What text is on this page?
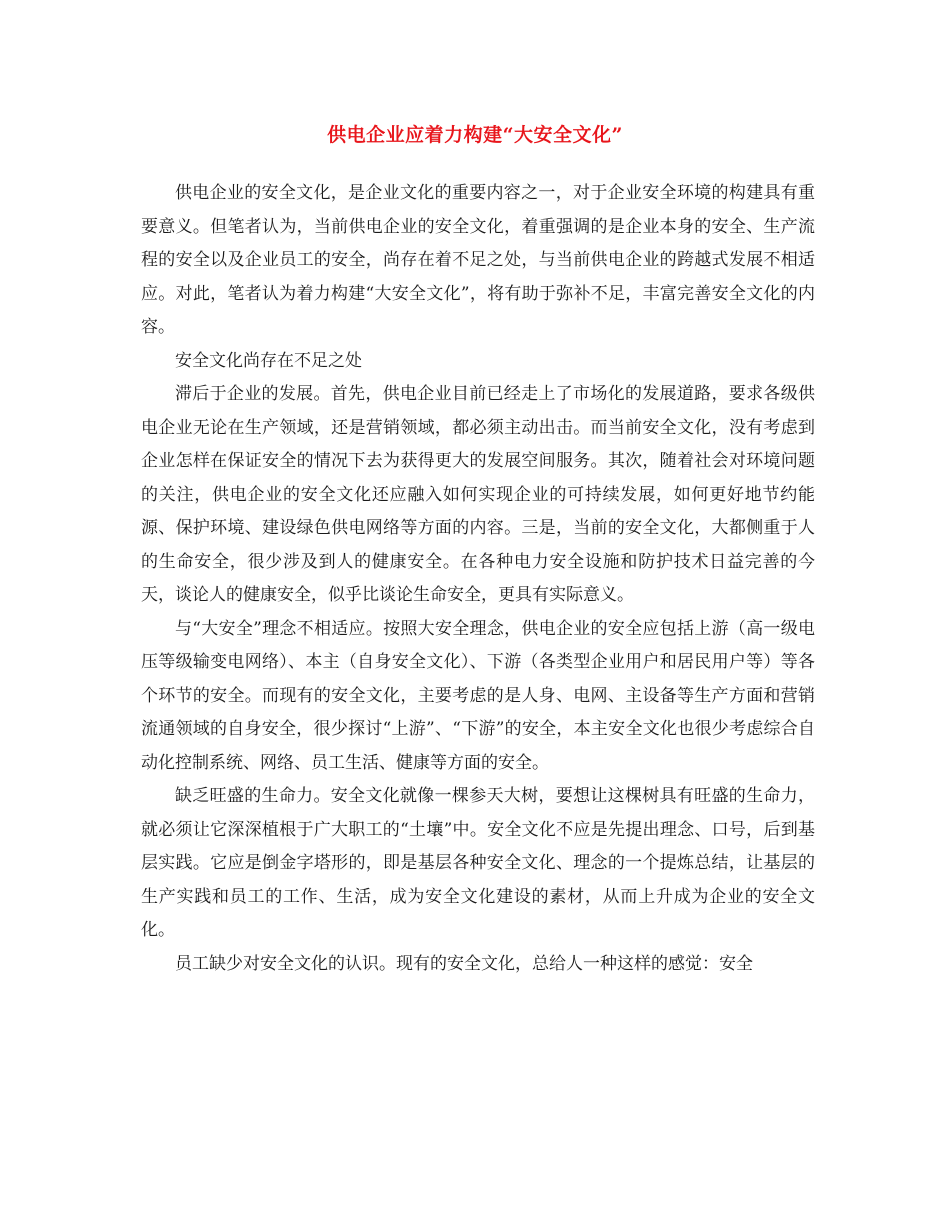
供电企业应着力构建“大安全文化”

供电企业的安全文化，是企业文化的重要内容之一，对于企业安全环境的构建具有重要意义。但笔者认为，当前供电企业的安全文化，着重强调的是企业本身的安全、生产流程的安全以及企业员工的安全，尚存在着不足之处，与当前供电企业的跨越式发展不相适应。对此，笔者认为着力构建“大安全文化”，将有助于弥补不足，丰富完善安全文化的内容。

安全文化尚存在不足之处

滞后于企业的发展。首先，供电企业目前已经走上了市场化的发展道路，要求各级供电企业无论在生产领域，还是营销领域，都必须主动出击。而当前安全文化，没有考虑到企业怎样在保证安全的情况下去为获得更大的发展空间服务。其次，随着社会对环境问题的关注，供电企业的安全文化还应融入如何实现企业的可持续发展，如何更好地节约能源、保护环境、建设绿色供电网络等方面的内容。三是，当前的安全文化，大都侧重于人的生命安全，很少涉及到人的健康安全。在各种电力安全设施和防护技术日益完善的今天，谈论人的健康安全，似乎比谈论生命安全，更具有实际意义。

与“大安全”理念不相适应。按照大安全理念，供电企业的安全应包括上游（高一级电压等级输变电网络）、本主（自身安全文化）、下游（各类型企业用户和居民用户等）等各个环节的安全。而现有的安全文化，主要考虑的是人身、电网、主设备等生产方面和营销流通领域的自身安全，很少探讨“上游”、“下游”的安全，本主安全文化也很少考虑综合自动化控制系统、网络、员工生活、健康等方面的安全。

缺乏旺盛的生命力。安全文化就像一棵参天大树，要想让这棵树具有旺盛的生命力，就必须让它深深植根于广大职工的“土壤”中。安全文化不应是先提出理念、口号，后到基层实践。它应是倒金字塔形的，即是基层各种安全文化、理念的一个提炼总结，让基层的生产实践和员工的工作、生活，成为安全文化建设的素材，从而上升成为企业的安全文化。

员工缺少对安全文化的认识。现有的安全文化，总给人一种这样的感觉：安全
